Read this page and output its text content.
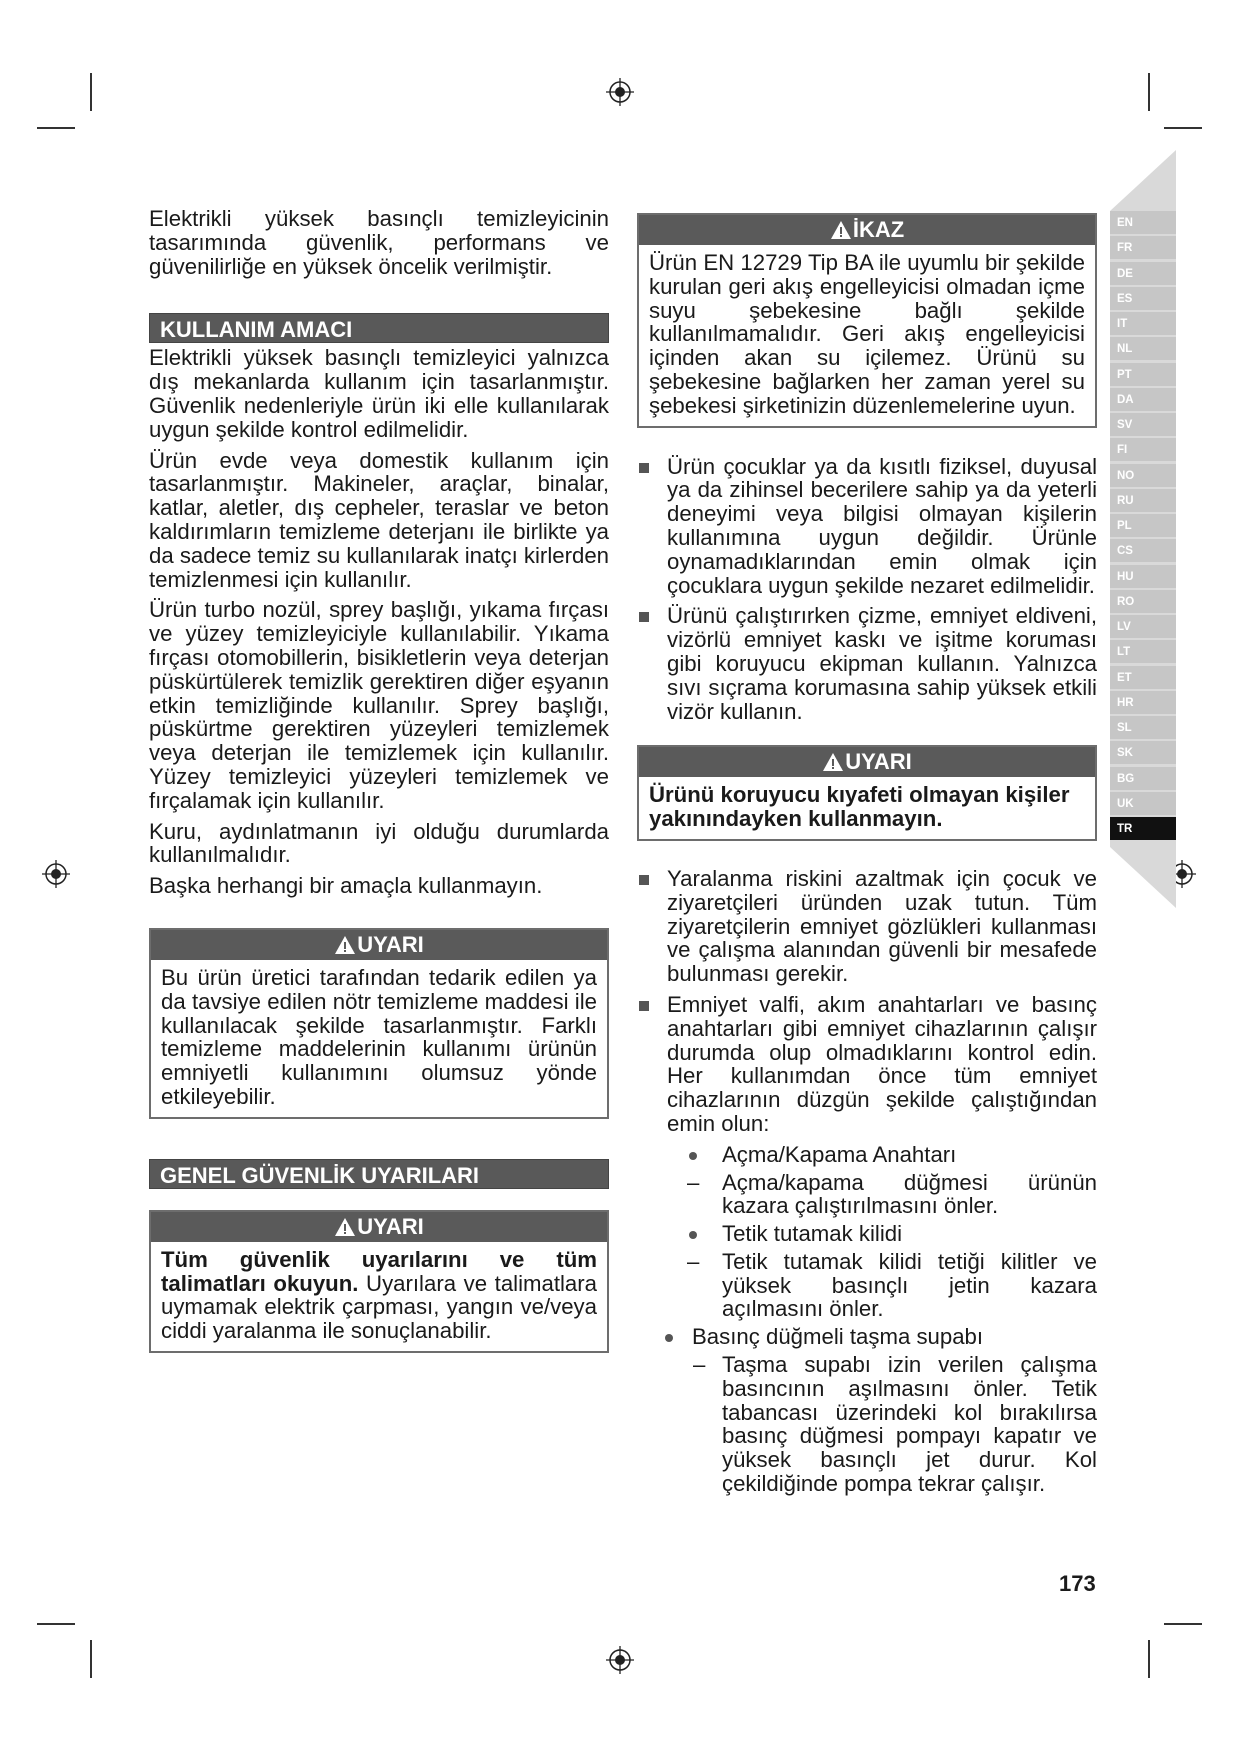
Elektrikli yüksek basınçlı temizleyicinin tasarımında güvenlik, performans ve güvenilirliğe en yüksek öncelik verilmiştir.

KULLANIM AMACI

Elektrikli yüksek basınçlı temizleyici yalnızca dış mekanlarda kullanım için tasarlanmıştır. Güvenlik nedenleriyle ürün iki elle kullanılarak uygun şekilde kontrol edilmelidir.

Ürün evde veya domestik kullanım için tasarlanmıştır. Makineler, araçlar, binalar, katlar, aletler, dış cepheler, teraslar ve beton kaldırımların temizleme deterjanı ile birlikte ya da sadece temiz su kullanılarak inatçı kirlerden temizlenmesi için kullanılır.

Ürün turbo nozül, sprey başlığı, yıkama fırçası ve yüzey temizleyiciyle kullanılabilir. Yıkama fırçası otomobillerin, bisikletlerin veya deterjan püskürtülerek temizlik gerektiren diğer eşyanın etkin temizliğinde kullanılır. Sprey başlığı, püskürtme gerektiren yüzeyleri temizlemek veya deterjan ile temizlemek için kullanılır. Yüzey temizleyici yüzeyleri temizlemek ve fırçalamak için kullanılır.

Kuru, aydınlatmanın iyi olduğu durumlarda kullanılmalıdır.

Başka herhangi bir amaçla kullanmayın.

UYARI
Bu ürün üretici tarafından tedarik edilen ya da tavsiye edilen nötr temizleme maddesi ile kullanılacak şekilde tasarlanmıştır. Farklı temizleme maddelerinin kullanımı ürünün emniyetli kullanımını olumsuz yönde etkileyebilir.
GENEL GÜVENLİK UYARILARI
UYARI
Tüm güvenlik uyarılarını ve tüm talimatları okuyun. Uyarılara ve talimatlara uymamak elektrik çarpması, yangın ve/veya ciddi yaralanma ile sonuçlanabilir.
İKAZ
Ürün EN 12729 Tip BA ile uyumlu bir şekilde kurulan geri akış engelleyicisi olmadan içme suyu şebekesine bağlı şekilde kullanılmamalıdır. Geri akış engelleyicisi içinden akan su içilemez. Ürünü su şebekesine bağlarken her zaman yerel su şebekesi şirketinizin düzenlemelerine uyun.
Ürün çocuklar ya da kısıtlı fiziksel, duyusal ya da zihinsel becerilere sahip ya da yeterli deneyimi veya bilgisi olmayan kişilerin kullanımına uygun değildir. Ürünle oynamadıklarından emin olmak için çocuklara uygun şekilde nezaret edilmelidir.
Ürünü çalıştırırken çizme, emniyet eldiveni, vizörlü emniyet kaskı ve işitme koruması gibi koruyucu ekipman kullanın. Yalnızca sıvı sıçrama korumasına sahip yüksek etkili vizör kullanın.
UYARI
Ürünü koruyucu kıyafeti olmayan kişiler yakınındayken kullanmayın.
Yaralanma riskini azaltmak için çocuk ve ziyaretçileri üründen uzak tutun. Tüm ziyaretçilerin emniyet gözlükleri kullanması ve çalışma alanından güvenli bir mesafede bulunması gerekir.
Emniyet valfi, akım anahtarları ve basınç anahtarları gibi emniyet cihazlarının çalışır durumda olup olmadıklarını kontrol edin. Her kullanımdan önce tüm emniyet cihazlarının düzgün şekilde çalıştığından emin olun:
Açma/Kapama Anahtarı
– Açma/kapama düğmesi ürünün kazara çalıştırılmasını önler.
Tetik tutamak kilidi
– Tetik tutamak kilidi tetiği kilitler ve yüksek basınçlı jetin kazara açılmasını önler.
Basınç düğmeli taşma supabı
– Taşma supabı izin verilen çalışma basıncının aşılmasını önler. Tetik tabancası üzerindeki kol bırakılırsa basınç düğmesi pompayı kapatır ve yüksek basınçlı jet durur. Kol çekildiğinde pompa tekrar çalışır.
EN
FR
DE
ES
IT
NL
PT
DA
SV
FI
NO
RU
PL
CS
HU
RO
LV
LT
ET
HR
SL
SK
BG
UK
TR
173
